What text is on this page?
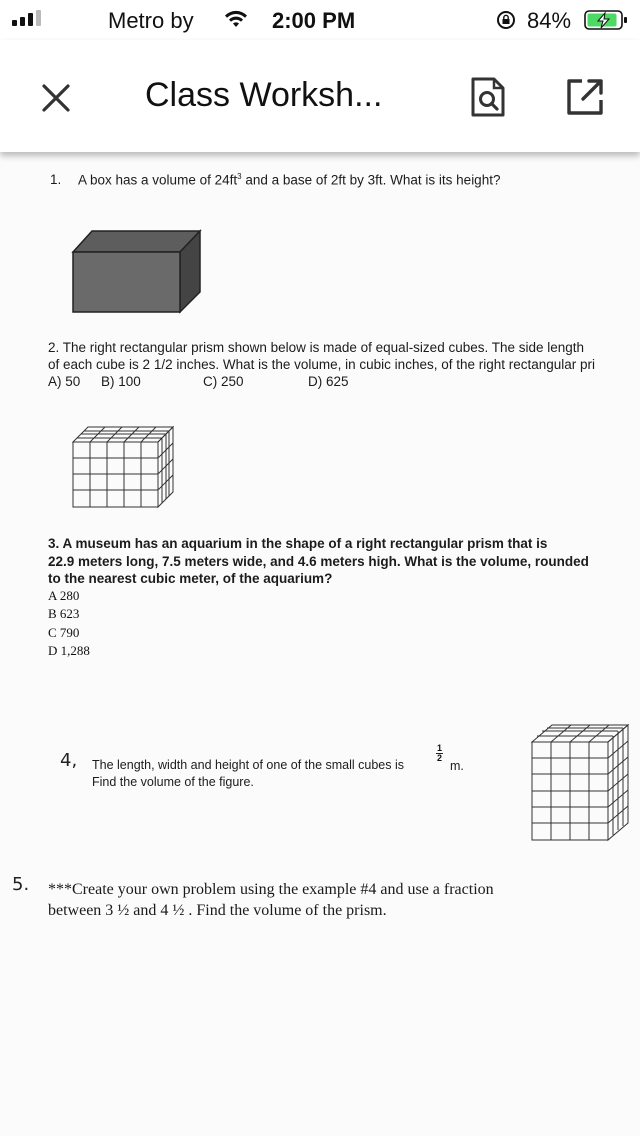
Metro by	2:00 PM	84%
Class Worksh...
1. A box has a volume of $24ft^3$ and a base of 2ft by 3ft. What is its height?
2. The right rectangular prism shown below is made of equal-sized cubes. The side length
of each cube is 2 1/2 inches. What is the volume, in cubic inches, of the right rectangular pri
A) 50 B) 100	C) 250	D) 625
3. A museum has an aquarium in the shape of a right rectangular prism that is
22.9 meters long, 7.5 meters wide, and 4.6 meters high. What is the volume, rounded
to the nearest cubic meter, of the aquarium?
A 280
B 623
C 790
D 1,288
4, The length, width and height of one of the small cubes is
1
2
m.
Find the volume of the figure.
5. ***Create your own problem using the example #4 and use a fraction
between 3 ½ and 4 ½ . Find the volume of the prism.
